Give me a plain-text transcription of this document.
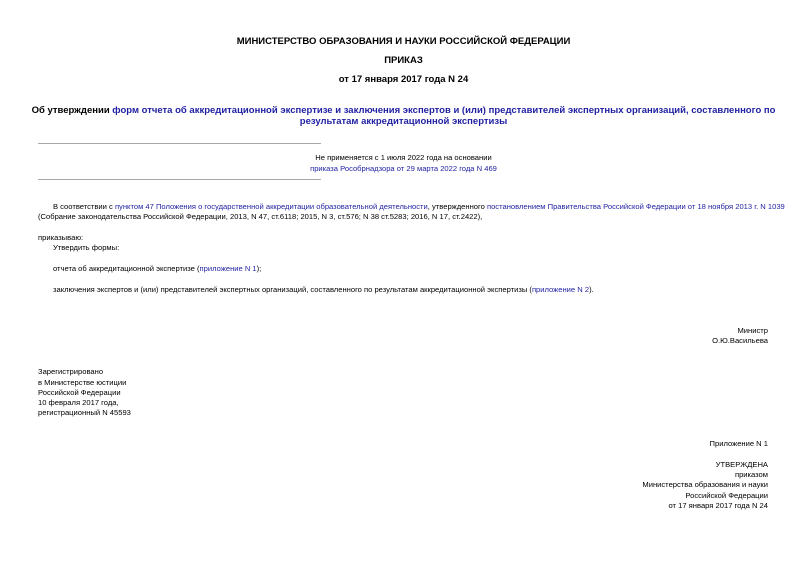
МИНИСТЕРСТВО ОБРАЗОВАНИЯ И НАУКИ РОССИЙСКОЙ ФЕДЕРАЦИИ
ПРИКАЗ
от 17 января 2017 года N 24
Об утверждении форм отчета об аккредитационной экспертизе и заключения экспертов и (или) представителей экспертных организаций, составленного по
результатам аккредитационной экспертизы
Не применяется с 1 июля 2022 года на основании
приказа Рособрнадзора от 29 марта 2022 года N 469
В соответствии с пунктом 47 Положения о государственной аккредитации образовательной деятельности, утвержденного постановлением Правительства Российской Федерации от 18 ноября 2013 г. N 1039
(Собрание законодательства Российской Федерации, 2013, N 47, ст.6118; 2015, N 3, ст.576; N 38 ст.5283; 2016, N 17, ст.2422),
приказываю:
Утвердить формы:
отчета об аккредитационной экспертизе (приложение N 1);
заключения экспертов и (или) представителей экспертных организаций, составленного по результатам аккредитационной экспертизы (приложение N 2).
Министр
О.Ю.Васильева
Зарегистрировано
в Министерстве юстиции
Российской Федерации
10 февраля 2017 года,
регистрационный N 45593
Приложение N 1
УТВЕРЖДЕНА
приказом
Министерства образования и науки
Российской Федерации
от 17 января 2017 года N 24
